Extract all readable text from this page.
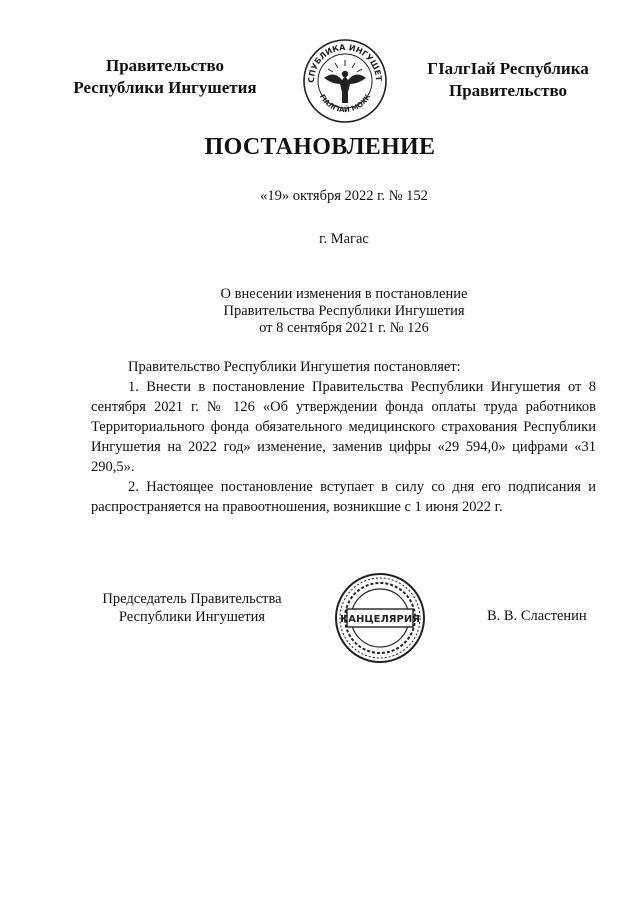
Правительство
Республики Ингушетия	СПУБЛИКА ИНГУШЕТ
ГIАЛГIАЙ МОХК
ГIалгIай Республика
Правительство
ПОСТАНОВЛЕНИЕ
«19» октября 2022 г. № 152
г. Магас
О внесении изменения в постановление
Правительства Республики Ингушетия
от 8 сентября 2021 г. № 126

Правительство Республики Ингушетия постановляет:

1. Внести в постановление Правительства Республики Ингушетия от 8 сентября 2021 г. № 126 «Об утверждении фонда оплаты труда работников Территориального фонда обязательного медицинского страхования Республики Ингушетия на 2022 год» изменение, заменив цифры «29 594,0» цифрами «31 290,5».

2. Настоящее постановление вступает в силу со дня его подписания и распространяется на правоотношения, возникшие с 1 июня 2022 г.

Председатель Правительства
Республики Ингушетия	КАНЦЕЛЯРИЯ	В. В. Сластенин
